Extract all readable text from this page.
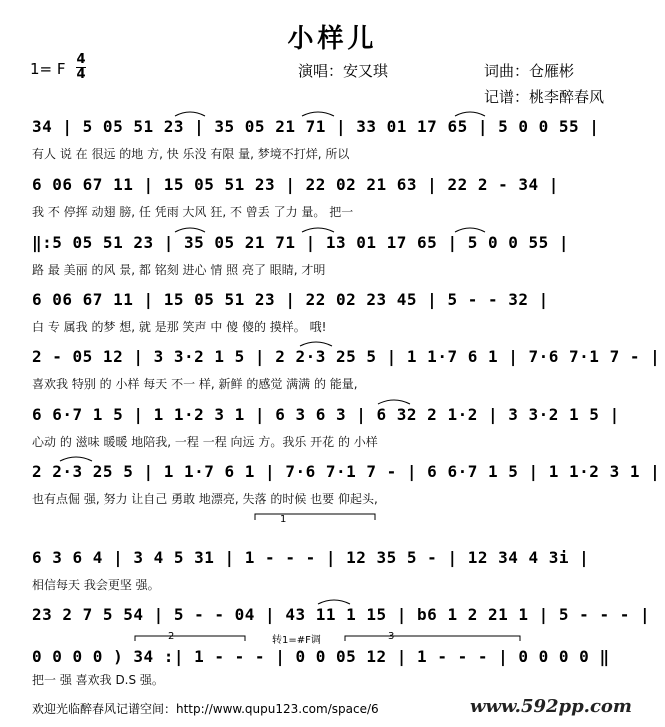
小样儿
1= F
4
4	演唱：安又琪	词曲：仓雁彬
记谱：桃李醉春风
34 | 5 05 51 23 | 35 05 21 71 | 33 01 17 65 | 5 0 0 55 |
有人 说 在 很远 的地 方, 快 乐没 有限 量, 梦境不打烊, 所以
6 06 67 11 | 15 05 51 23 | 22 02 21 63 | 22 2 - 34 |
我 不 停挥 动翅 膀, 任 凭雨 大风 狂, 不 曾丢 了力 量。 把一
‖:5 05 51 23 | 35 05 21 71 | 13 01 17 65 | 5 0 0 55 |
路 最 美丽 的风 景, 都 铭刻 进心 情 照 亮了 眼睛, 才明
6 06 67 11 | 15 05 51 23 | 22 02 23 45 | 5 - - 32 |
白 专 属我 的梦 想, 就 是那 笑声 中 傻 傻的 摸样。 哦!
2 - 05 12 | 3 3·2 1 5 | 2 2·3 25 5 | 1 1·7 6 1 | 7·6 7·1 7 - |
喜欢我 特别 的 小样 每天 不一 样, 新鲜 的感觉 满满 的 能量,
6 6·7 1 5 | 1 1·2 3 1 | 6 3 6 3 | 6 32 2 1·2 | 3 3·2 1 5 |
心动 的 滋味 暖暖 地陪我, 一程 一程 向远 方。我乐 开花 的 小样
2 2·3 25 5 | 1 1·7 6 1 | 7·6 7·1 7 - | 6 6·7 1 5 | 1 1·2 3 1 |
也有点倔 强, 努力 让自己 勇敢 地漂亮, 失落 的时候 也要 仰起头,
6 3 6 4 | 3 4 5 31 | 1 - - - | 12 35 5 - | 12 34 4 3i |
相信每天 我会更坚 强。
23 2 7 5 54 | 5 - - 04 | 43 11 1 15 | b6 1 2 21 1 | 5 - - - |
0 0 0 0 ) 34 :| 1 - - - | 0 0 05 12 | 1 - - - | 0 0 0 0 ‖
把一 强 喜欢我 D.S 强。
1
2	转1=#F调	3
欢迎光临醉春风记谱空间：http://www.qupu123.com/space/6	www.592pp.com
